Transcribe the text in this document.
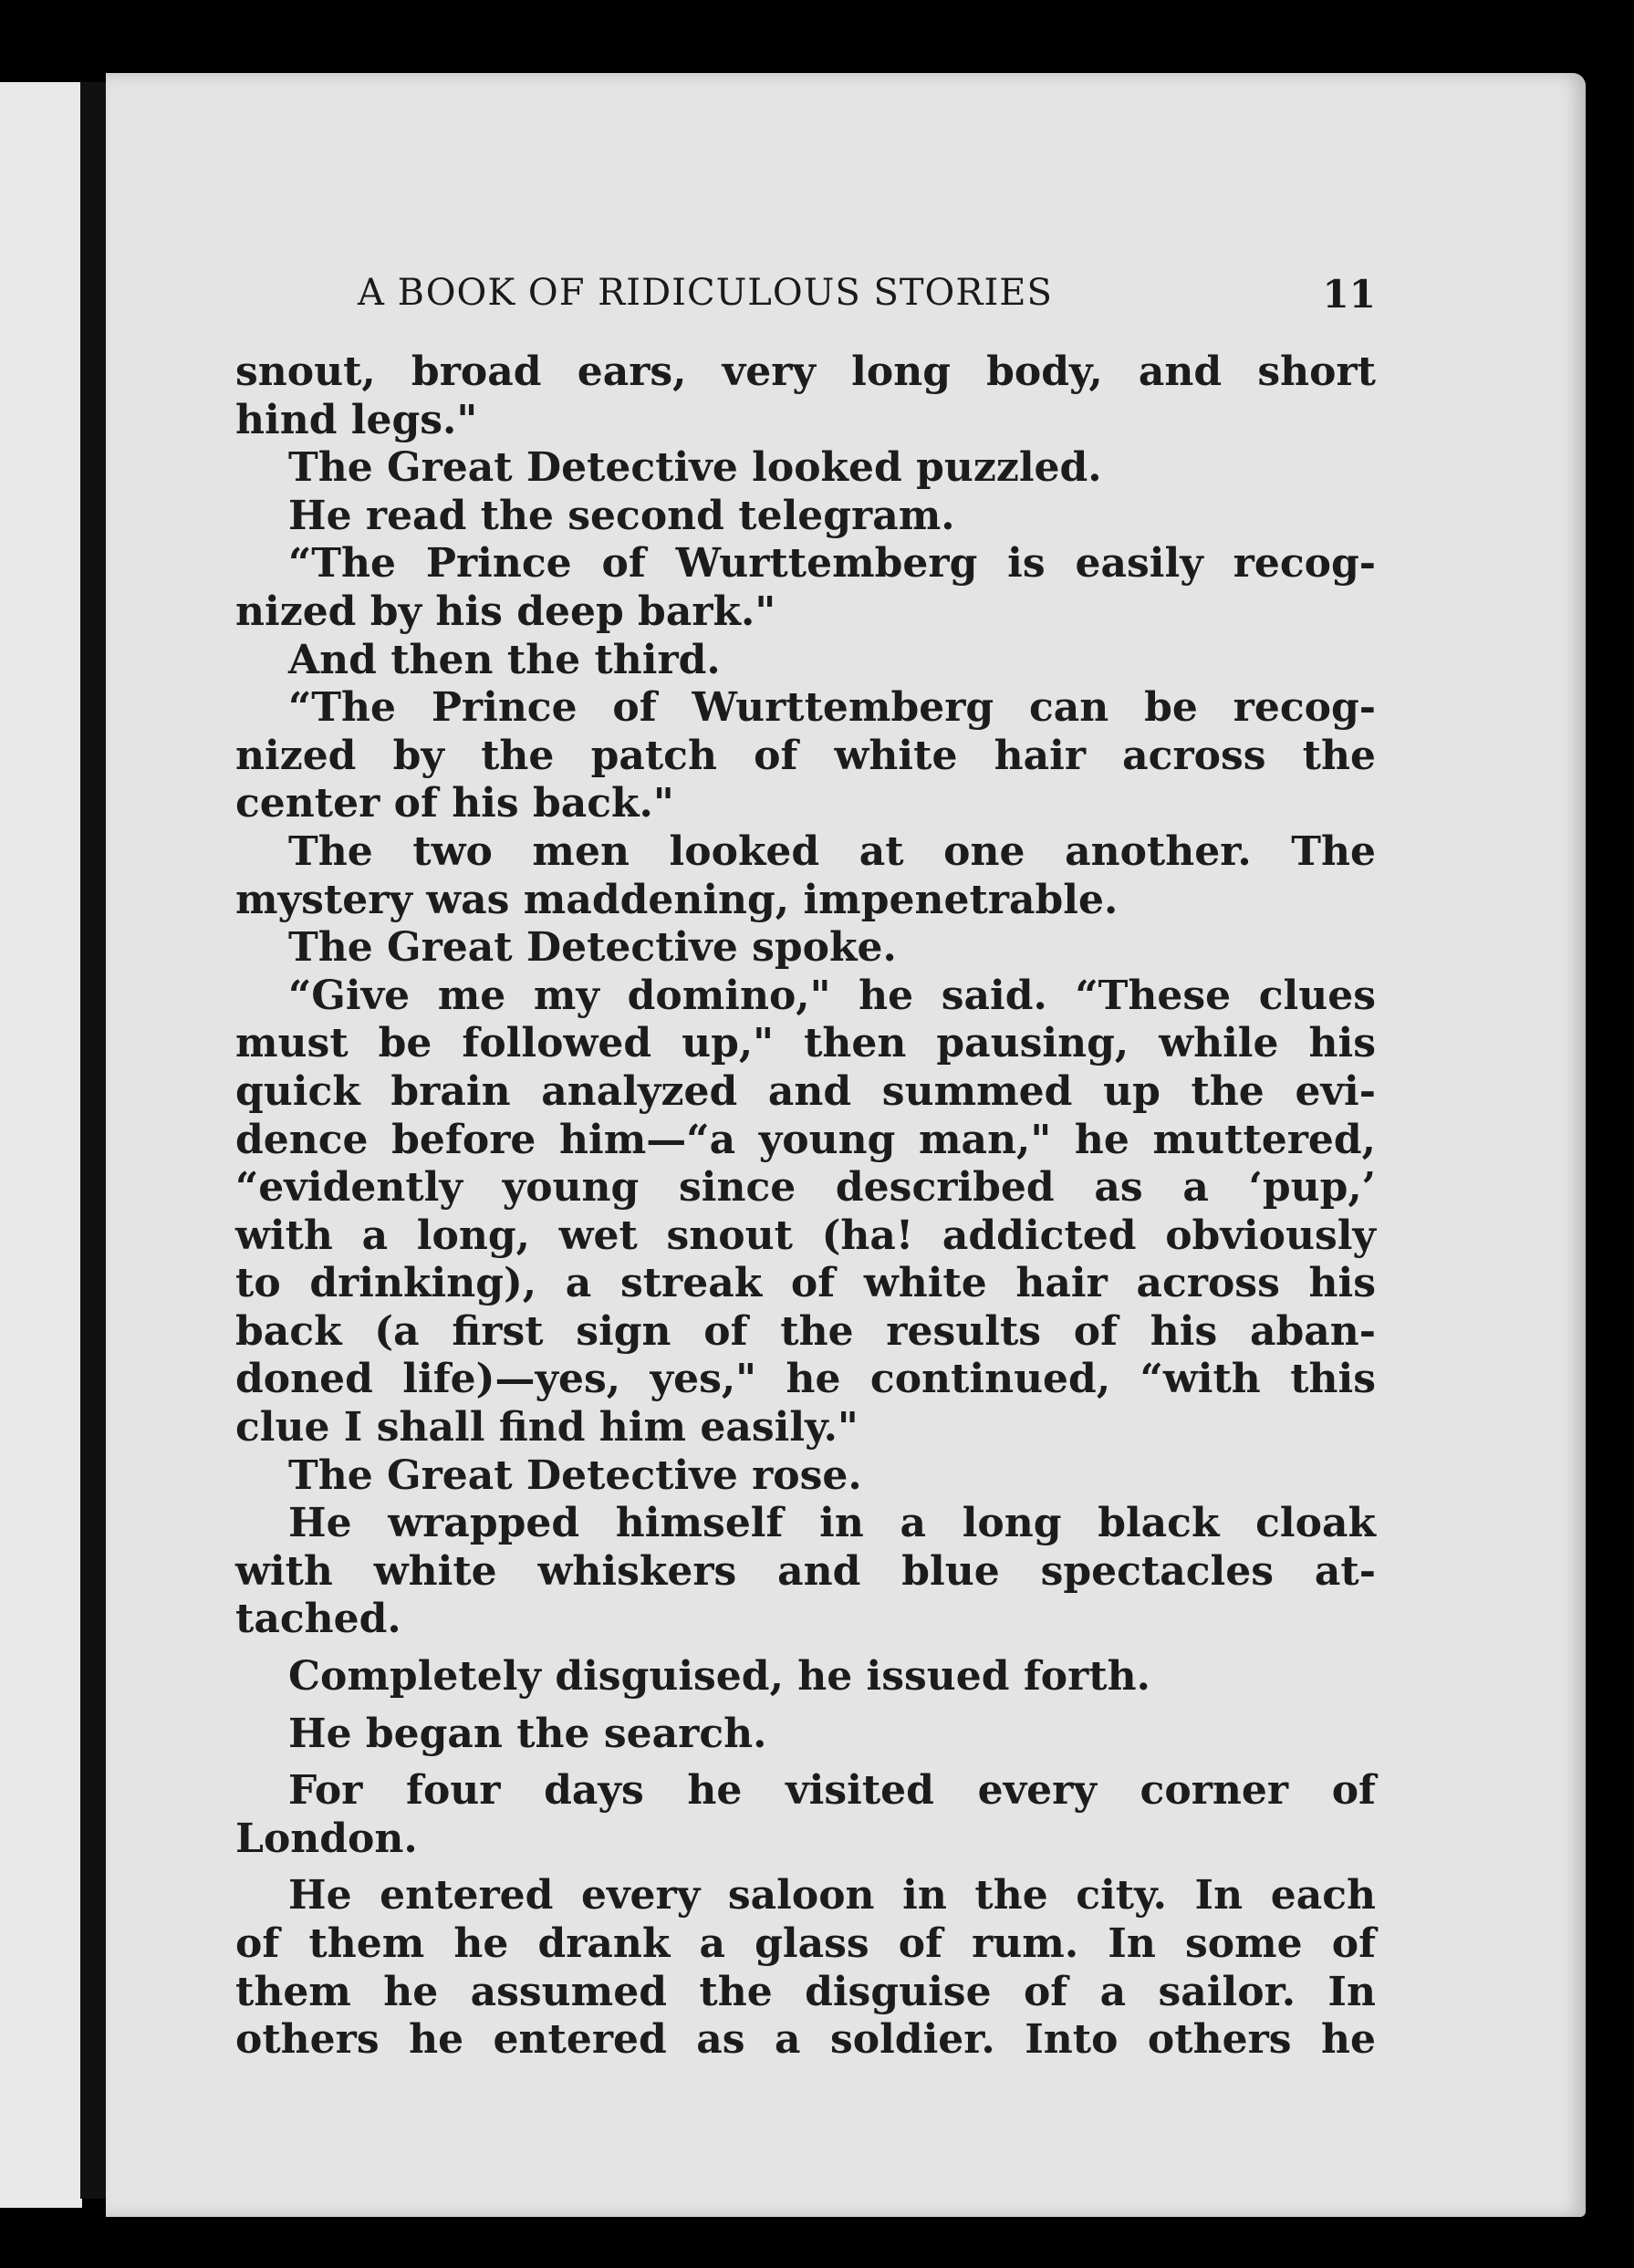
A BOOK OF RIDICULOUS STORIES	11
snout, broad ears, very long body, and short
hind legs."
The Great Detective looked puzzled.
He read the second telegram.
“The Prince of Wurttemberg is easily recog-
nized by his deep bark."
And then the third.
“The Prince of Wurttemberg can be recog-
nized by the patch of white hair across the
center of his back."
The two men looked at one another. The
mystery was maddening, impenetrable.
The Great Detective spoke.
“Give me my domino," he said. “These clues
must be followed up," then pausing, while his
quick brain analyzed and summed up the evi-
dence before him—“a young man," he muttered,
“evidently young since described as a ‘pup,’
with a long, wet snout (ha! addicted obviously
to drinking), a streak of white hair across his
back (a first sign of the results of his aban-
doned life)—yes, yes," he continued, “with this
clue I shall find him easily."
The Great Detective rose.
He wrapped himself in a long black cloak
with white whiskers and blue spectacles at-
tached.
Completely disguised, he issued forth.
He began the search.
For four days he visited every corner of
London.
He entered every saloon in the city. In each
of them he drank a glass of rum. In some of
them he assumed the disguise of a sailor. In
others he entered as a soldier. Into others he
